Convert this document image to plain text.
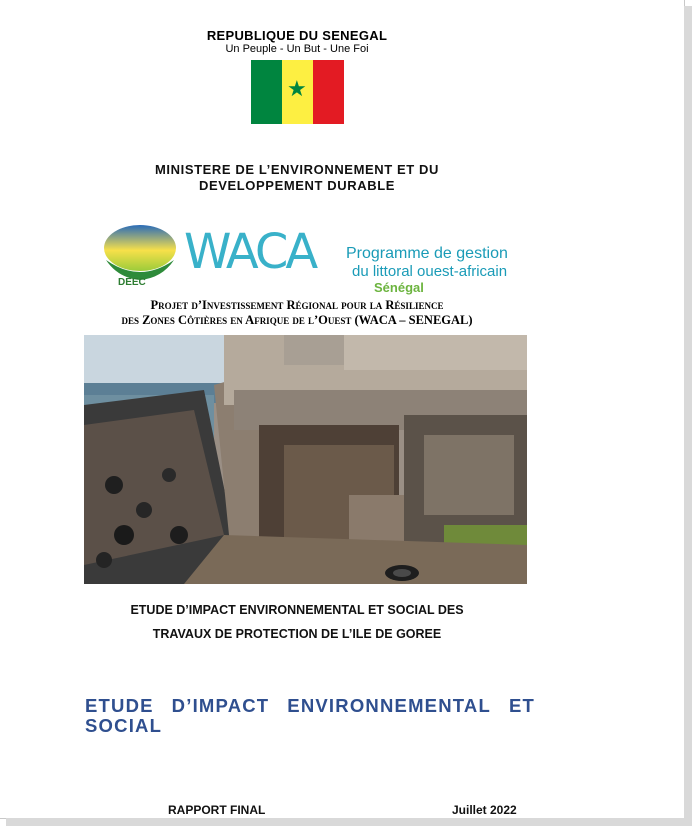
REPUBLIQUE DU SENEGAL
Un Peuple - Un But - Une Foi
★
MINISTERE DE L’ENVIRONNEMENT ET DU
DEVELOPPEMENT DURABLE
DEEC
WACA Programme de gestion
du littoral ouest-africain
Sénégal
Projet d’Investissement Régional pour la Résilience
des Zones Côtières en Afrique de l’Ouest (WACA – SENEGAL)
ETUDE D’IMPACT ENVIRONNEMENTAL ET SOCIAL DES
TRAVAUX DE PROTECTION DE L’ILE DE GOREE
ETUDE D’IMPACT ENVIRONNEMENTAL ET
SOCIAL
RAPPORT FINAL	Juillet 2022
